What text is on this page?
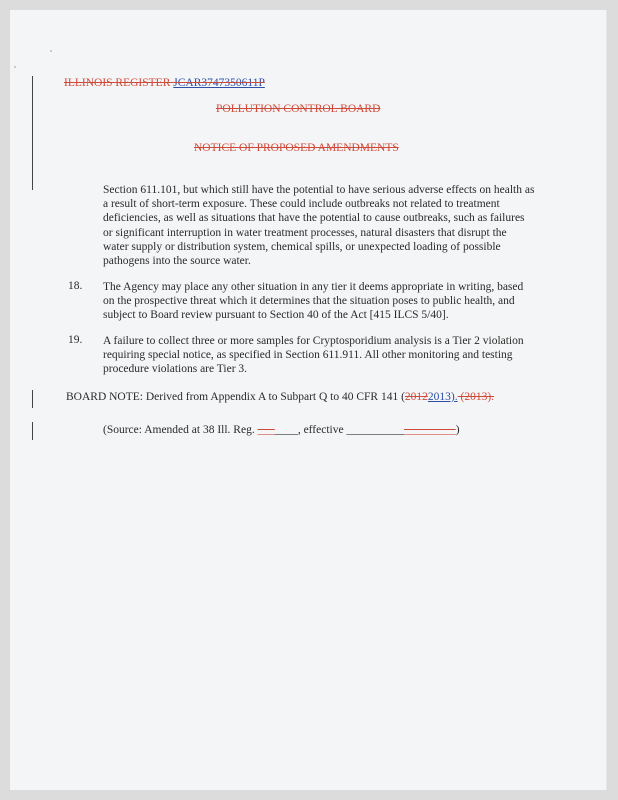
ILLINOIS REGISTER JCAR3747350611P
POLLUTION CONTROL BOARD
NOTICE OF PROPOSED AMENDMENTS
Section 611.101, but which still have the potential to have serious adverse effects on health as a result of short-term exposure. These could include outbreaks not related to treatment deficiencies, as well as situations that have the potential to cause outbreaks, such as failures or significant interruption in water treatment processes, natural disasters that disrupt the water supply or distribution system, chemical spills, or unexpected loading of possible pathogens into the source water.
18. The Agency may place any other situation in any tier it deems appropriate in writing, based on the prospective threat which it determines that the situation poses to public health, and subject to Board review pursuant to Section 40 of the Act [415 ILCS 5/40].
19. A failure to collect three or more samples for Cryptosporidium analysis is a Tier 2 violation requiring special notice, as specified in Section 611.911. All other monitoring and testing procedure violations are Tier 3.
BOARD NOTE: Derived from Appendix A to Subpart Q to 40 CFR 141 (20122013). (2013).
(Source: Amended at 38 Ill. Reg. _______, effective ___________________)
